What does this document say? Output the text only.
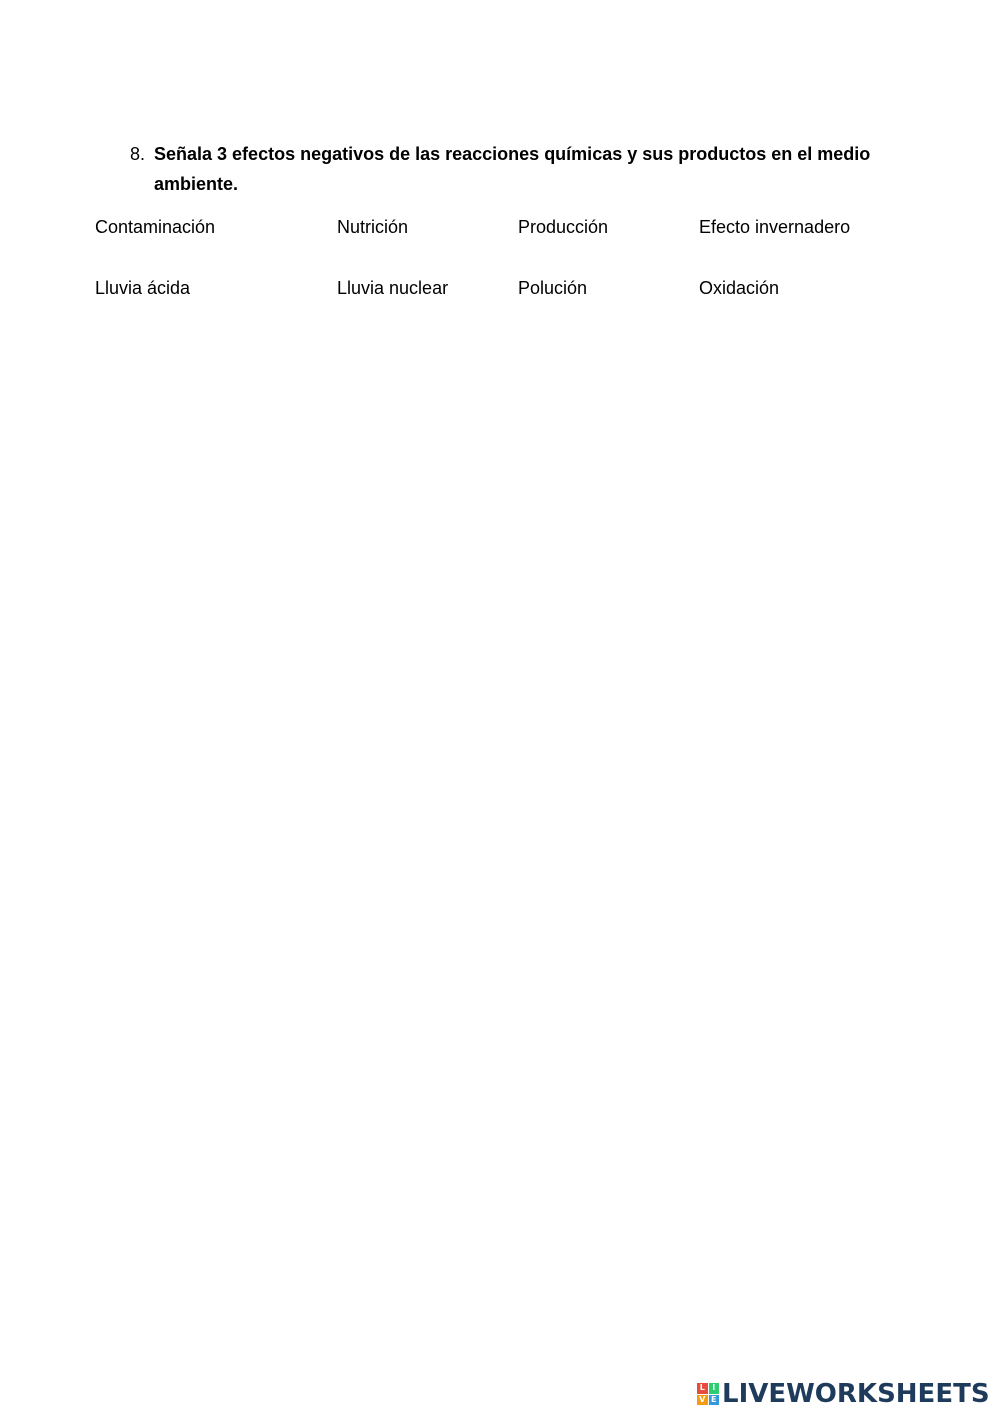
8. Señala 3 efectos negativos de las reacciones químicas y sus productos en el medio ambiente.
Contaminación	Nutrición	Producción	Efecto invernadero
Lluvia ácida	Lluvia nuclear	Polución	Oxidación
L I
V E LIVEWORKSHEETS
